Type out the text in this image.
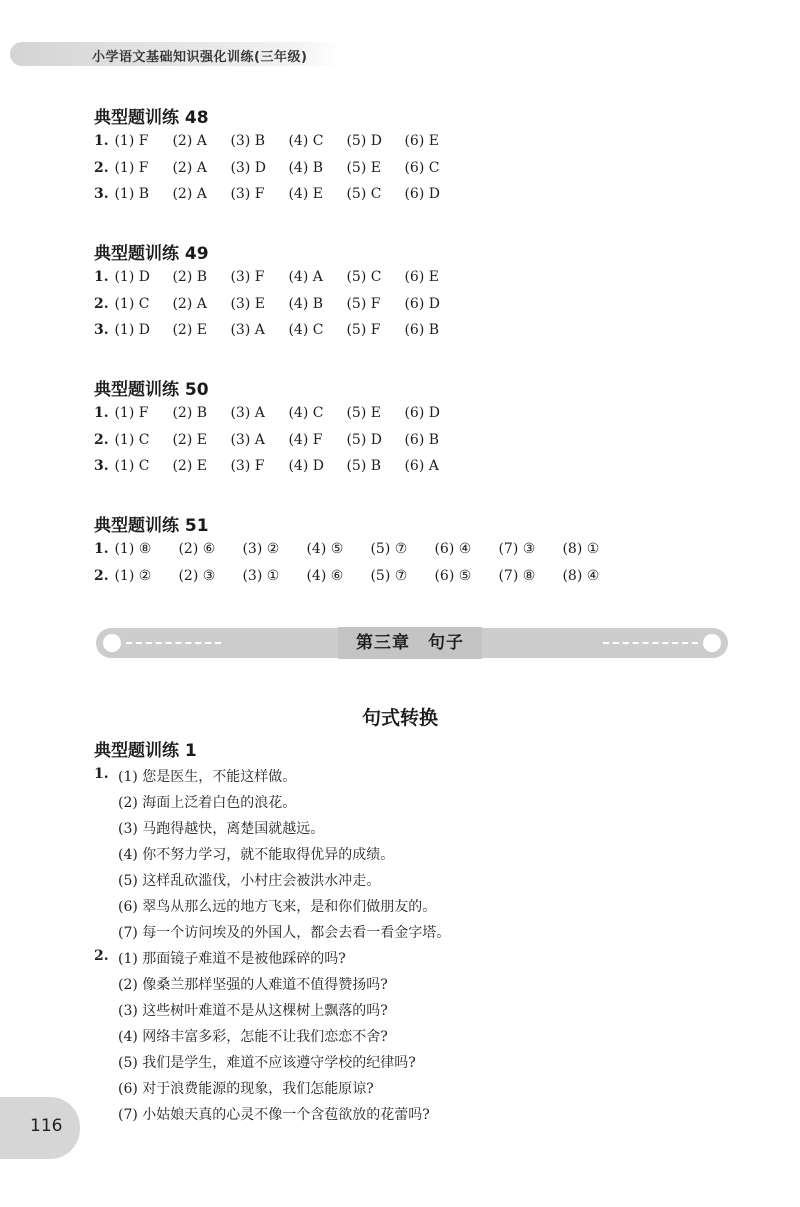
小学语文基础知识强化训练(三年级)
典型题训练 48
1. (1) F (2) A (3) B (4) C (5) D (6) E
2. (1) F (2) A (3) D (4) B (5) E (6) C
3. (1) B (2) A (3) F (4) E (5) C (6) D
典型题训练 49
1. (1) D (2) B (3) F (4) A (5) C (6) E
2. (1) C (2) A (3) E (4) B (5) F (6) D
3. (1) D (2) E (3) A (4) C (5) F (6) B
典型题训练 50
1. (1) F (2) B (3) A (4) C (5) E (6) D
2. (1) C (2) E (3) A (4) F (5) D (6) B
3. (1) C (2) E (3) F (4) D (5) B (6) A
典型题训练 51
1. (1) ⑧ (2) ⑥ (3) ② (4) ⑤ (5) ⑦ (6) ④ (7) ③ (8) ①
2. (1) ② (2) ③ (3) ① (4) ⑥ (5) ⑦ (6) ⑤ (7) ⑧ (8) ④
第三章　句子
句式转换
典型题训练 1
1. (1) 您是医生，不能这样做。
(2) 海面上泛着白色的浪花。
(3) 马跑得越快，离楚国就越远。
(4) 你不努力学习，就不能取得优异的成绩。
(5) 这样乱砍滥伐，小村庄会被洪水冲走。
(6) 翠鸟从那么远的地方飞来，是和你们做朋友的。
(7) 每一个访问埃及的外国人，都会去看一看金字塔。
2. (1) 那面镜子难道不是被他踩碎的吗?
(2) 像桑兰那样坚强的人难道不值得赞扬吗?
(3) 这些树叶难道不是从这棵树上飘落的吗?
(4) 网络丰富多彩，怎能不让我们恋恋不舍?
(5) 我们是学生，难道不应该遵守学校的纪律吗?
(6) 对于浪费能源的现象，我们怎能原谅?
(7) 小姑娘天真的心灵不像一个含苞欲放的花蕾吗?
116
